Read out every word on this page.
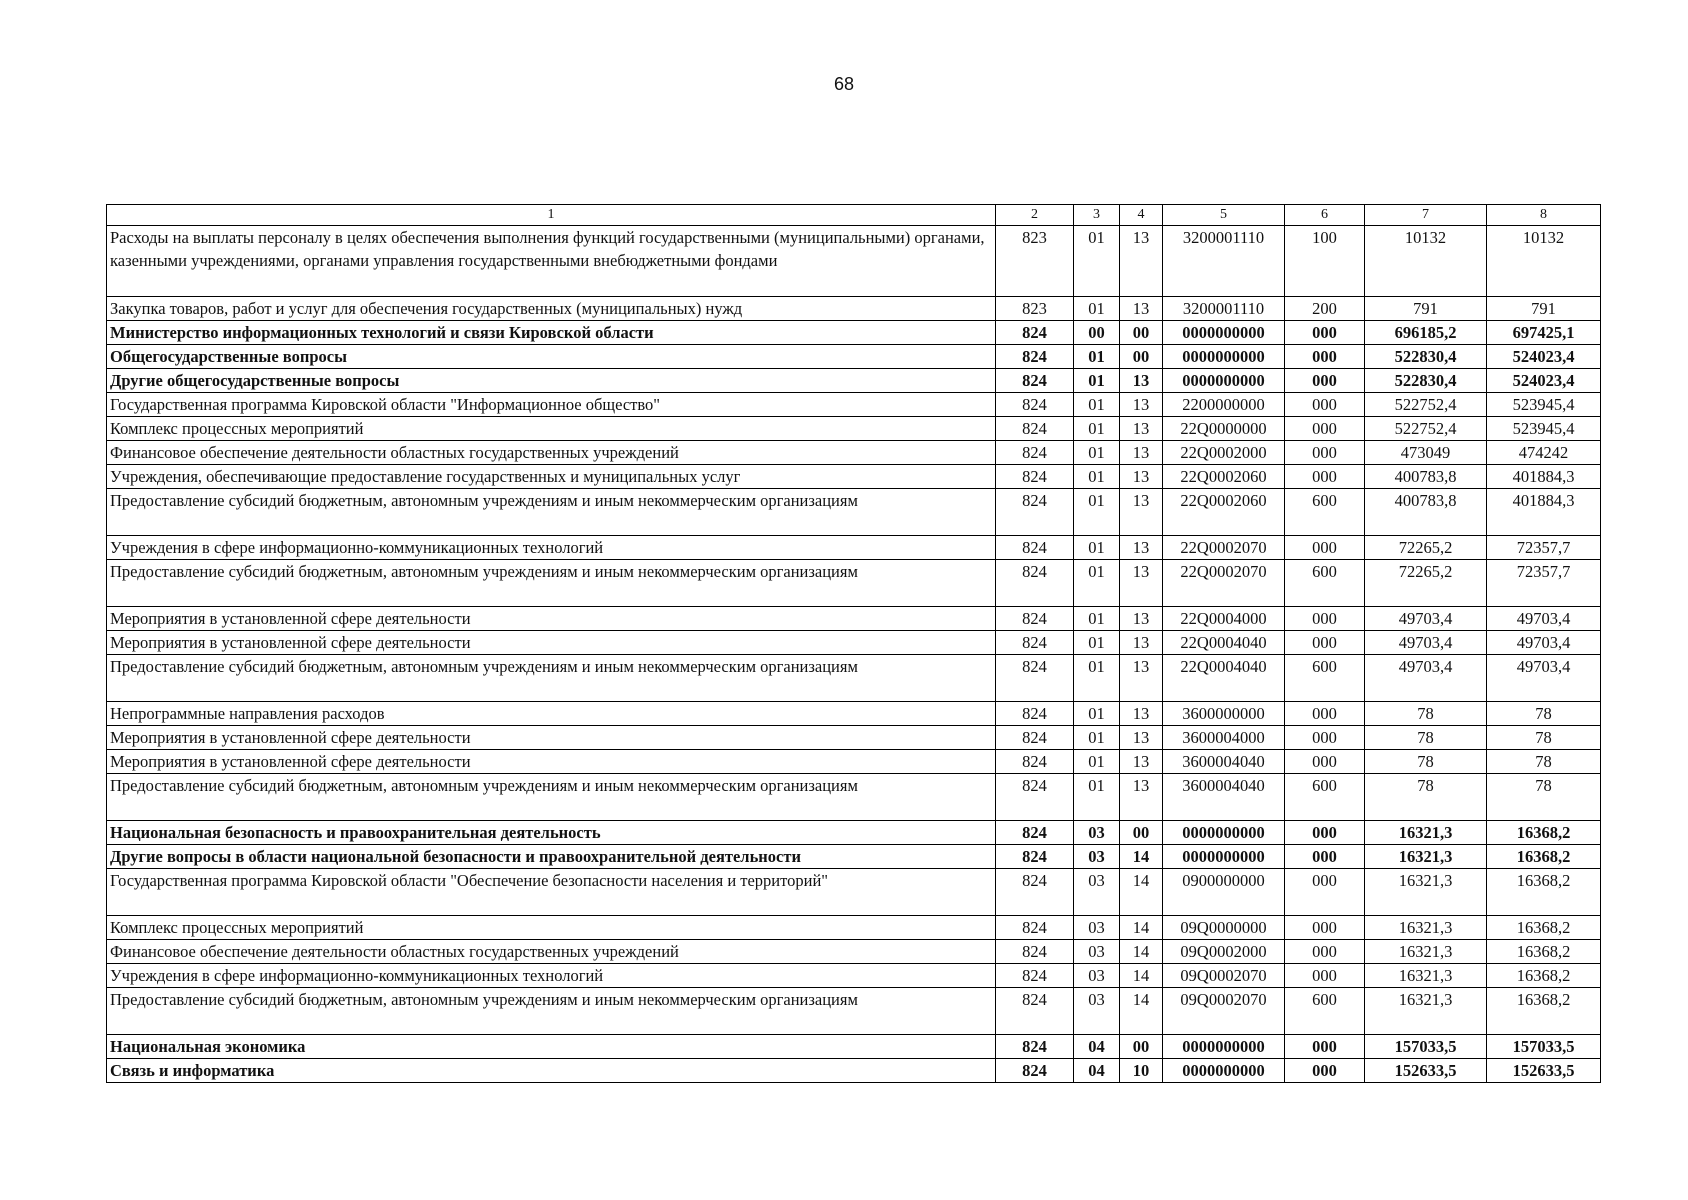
68
1	2	3	4	5	6	7	8
Расходы на выплаты персоналу в целях обеспечения выполнения функций государственными (муниципальными) органами, казенными учреждениями, органами управления государственными внебюджетными фондами	823	01	13	3200001110	100	10132	10132
Закупка товаров, работ и услуг для обеспечения государственных (муниципальных) нужд	823	01	13	3200001110	200	791	791
Министерство информационных технологий и связи Кировской области	824	00	00	0000000000	000	696185,2	697425,1
Общегосударственные вопросы	824	01	00	0000000000	000	522830,4	524023,4
Другие общегосударственные вопросы	824	01	13	0000000000	000	522830,4	524023,4
Государственная программа Кировской области "Информационное общество"	824	01	13	2200000000	000	522752,4	523945,4
Комплекс процессных мероприятий	824	01	13	22Q0000000	000	522752,4	523945,4
Финансовое обеспечение деятельности областных государственных учреждений	824	01	13	22Q0002000	000	473049	474242
Учреждения, обеспечивающие предоставление государственных и муниципальных услуг	824	01	13	22Q0002060	000	400783,8	401884,3
Предоставление субсидий бюджетным, автономным учреждениям и иным некоммерческим организациям	824	01	13	22Q0002060	600	400783,8	401884,3
Учреждения в сфере информационно-коммуникационных технологий	824	01	13	22Q0002070	000	72265,2	72357,7
Предоставление субсидий бюджетным, автономным учреждениям и иным некоммерческим организациям	824	01	13	22Q0002070	600	72265,2	72357,7
Мероприятия в установленной сфере деятельности	824	01	13	22Q0004000	000	49703,4	49703,4
Мероприятия в установленной сфере деятельности	824	01	13	22Q0004040	000	49703,4	49703,4
Предоставление субсидий бюджетным, автономным учреждениям и иным некоммерческим организациям	824	01	13	22Q0004040	600	49703,4	49703,4
Непрограммные направления расходов	824	01	13	3600000000	000	78	78
Мероприятия в установленной сфере деятельности	824	01	13	3600004000	000	78	78
Мероприятия в установленной сфере деятельности	824	01	13	3600004040	000	78	78
Предоставление субсидий бюджетным, автономным учреждениям и иным некоммерческим организациям	824	01	13	3600004040	600	78	78
Национальная безопасность и правоохранительная деятельность	824	03	00	0000000000	000	16321,3	16368,2
Другие вопросы в области национальной безопасности и правоохранительной деятельности	824	03	14	0000000000	000	16321,3	16368,2
Государственная программа Кировской области "Обеспечение безопасности населения и территорий"	824	03	14	0900000000	000	16321,3	16368,2
Комплекс процессных мероприятий	824	03	14	09Q0000000	000	16321,3	16368,2
Финансовое обеспечение деятельности областных государственных учреждений	824	03	14	09Q0002000	000	16321,3	16368,2
Учреждения в сфере информационно-коммуникационных технологий	824	03	14	09Q0002070	000	16321,3	16368,2
Предоставление субсидий бюджетным, автономным учреждениям и иным некоммерческим организациям	824	03	14	09Q0002070	600	16321,3	16368,2
Национальная экономика	824	04	00	0000000000	000	157033,5	157033,5
Связь и информатика	824	04	10	0000000000	000	152633,5	152633,5
